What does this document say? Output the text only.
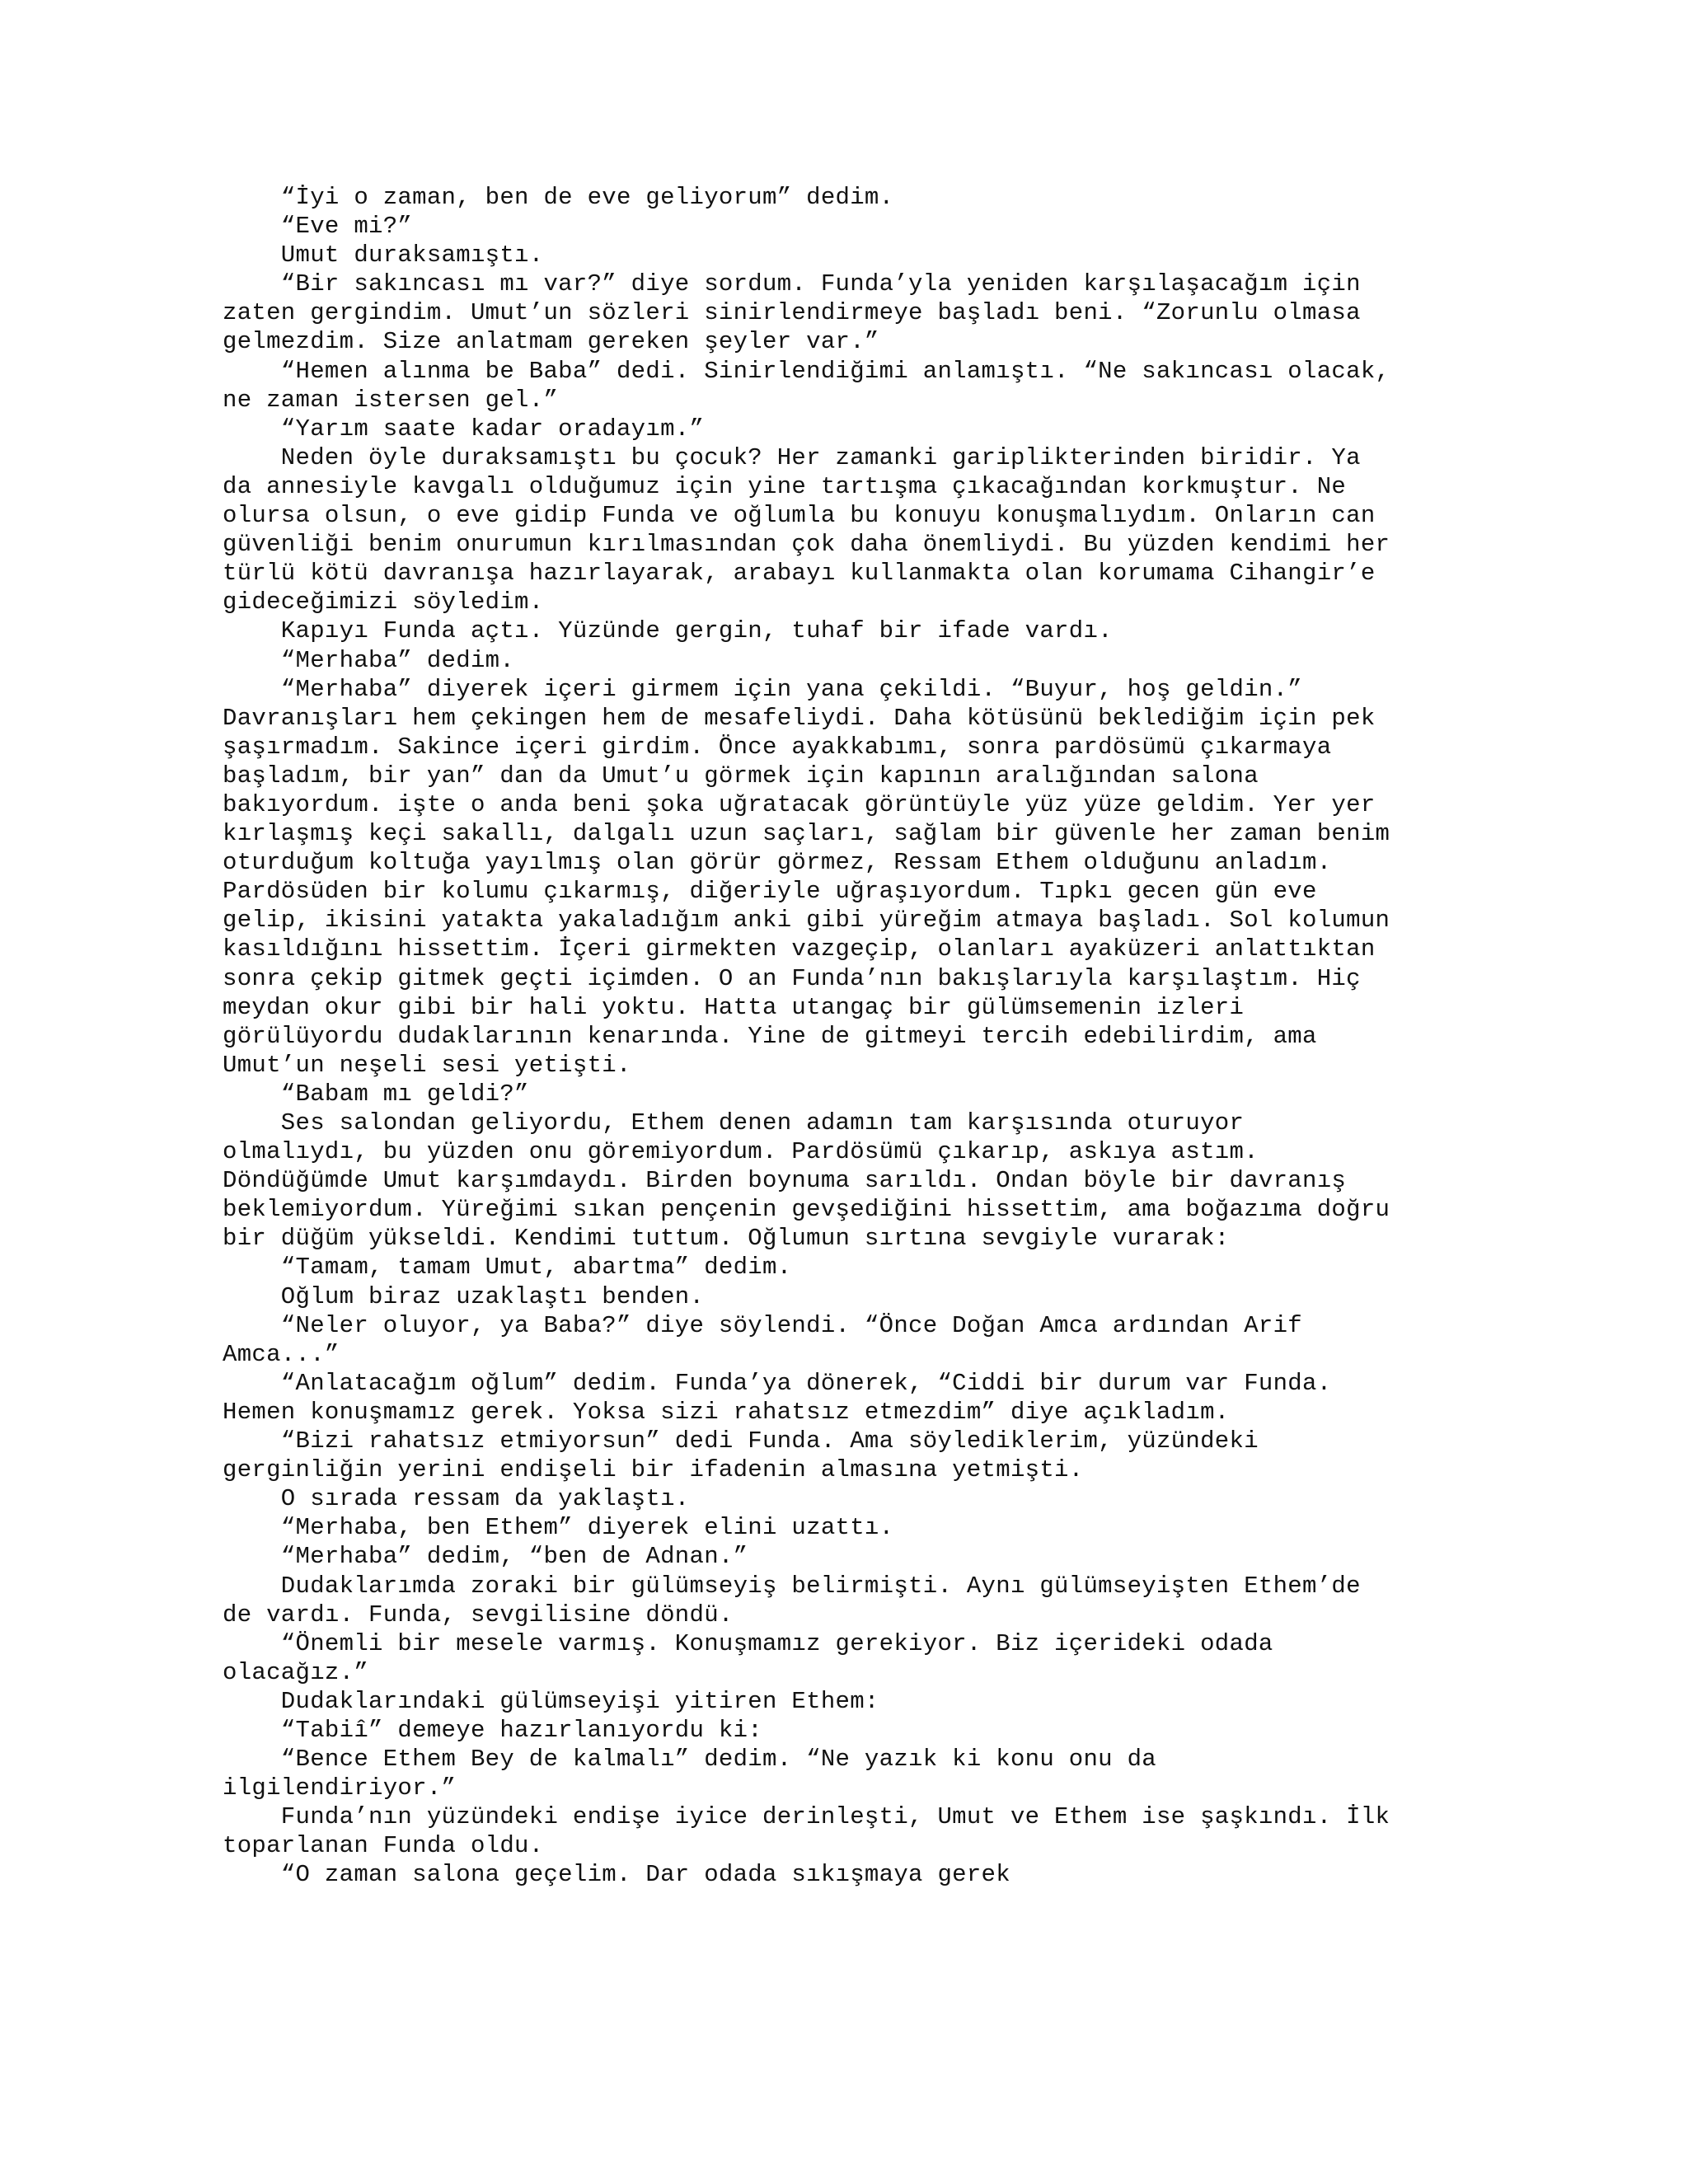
“İyi o zaman, ben de eve geliyorum” dedim.
“Eve mi?”
Umut duraksamıştı.
“Bir sakıncası mı var?” diye sordum. Funda’yla yeniden karşılaşacağım için
zaten gergindim. Umut’un sözleri sinirlendirmeye başladı beni. “Zorunlu olmasa
gelmezdim. Size anlatmam gereken şeyler var.”
“Hemen alınma be Baba” dedi. Sinirlendiğimi anlamıştı. “Ne sakıncası olacak,
ne zaman istersen gel.”
“Yarım saate kadar oradayım.”
Neden öyle duraksamıştı bu çocuk? Her zamanki gariplikterinden biridir. Ya
da annesiyle kavgalı olduğumuz için yine tartışma çıkacağından korkmuştur. Ne
olursa olsun, o eve gidip Funda ve oğlumla bu konuyu konuşmalıydım. Onların can
güvenliği benim onurumun kırılmasından çok daha önemliydi. Bu yüzden kendimi her
türlü kötü davranışa hazırlayarak, arabayı kullanmakta olan korumama Cihangir’e
gideceğimizi söyledim.
Kapıyı Funda açtı. Yüzünde gergin, tuhaf bir ifade vardı.
“Merhaba” dedim.
“Merhaba” diyerek içeri girmem için yana çekildi. “Buyur, hoş geldin.”
Davranışları hem çekingen hem de mesafeliydi. Daha kötüsünü beklediğim için pek
şaşırmadım. Sakince içeri girdim. Önce ayakkabımı, sonra pardösümü çıkarmaya
başladım, bir yan” dan da Umut’u görmek için kapının aralığından salona
bakıyordum. işte o anda beni şoka uğratacak görüntüyle yüz yüze geldim. Yer yer
kırlaşmış keçi sakallı, dalgalı uzun saçları, sağlam bir güvenle her zaman benim
oturduğum koltuğa yayılmış olan görür görmez, Ressam Ethem olduğunu anladım.
Pardösüden bir kolumu çıkarmış, diğeriyle uğraşıyordum. Tıpkı gecen gün eve
gelip, ikisini yatakta yakaladığım anki gibi yüreğim atmaya başladı. Sol kolumun
kasıldığını hissettim. İçeri girmekten vazgeçip, olanları ayaküzeri anlattıktan
sonra çekip gitmek geçti içimden. O an Funda’nın bakışlarıyla karşılaştım. Hiç
meydan okur gibi bir hali yoktu. Hatta utangaç bir gülümsemenin izleri
görülüyordu dudaklarının kenarında. Yine de gitmeyi tercih edebilirdim, ama
Umut’un neşeli sesi yetişti.
“Babam mı geldi?”
Ses salondan geliyordu, Ethem denen adamın tam karşısında oturuyor
olmalıydı, bu yüzden onu göremiyordum. Pardösümü çıkarıp, askıya astım.
Döndüğümde Umut karşımdaydı. Birden boynuma sarıldı. Ondan böyle bir davranış
beklemiyordum. Yüreğimi sıkan pençenin gevşediğini hissettim, ama boğazıma doğru
bir düğüm yükseldi. Kendimi tuttum. Oğlumun sırtına sevgiyle vurarak:
“Tamam, tamam Umut, abartma” dedim.
Oğlum biraz uzaklaştı benden.
“Neler oluyor, ya Baba?” diye söylendi. “Önce Doğan Amca ardından Arif
Amca...”
“Anlatacağım oğlum” dedim. Funda’ya dönerek, “Ciddi bir durum var Funda.
Hemen konuşmamız gerek. Yoksa sizi rahatsız etmezdim” diye açıkladım.
“Bizi rahatsız etmiyorsun” dedi Funda. Ama söylediklerim, yüzündeki
gerginliğin yerini endişeli bir ifadenin almasına yetmişti.
O sırada ressam da yaklaştı.
“Merhaba, ben Ethem” diyerek elini uzattı.
“Merhaba” dedim, “ben de Adnan.”
Dudaklarımda zoraki bir gülümseyiş belirmişti. Aynı gülümseyişten Ethem’de
de vardı. Funda, sevgilisine döndü.
“Önemli bir mesele varmış. Konuşmamız gerekiyor. Biz içerideki odada
olacağız.”
Dudaklarındaki gülümseyişi yitiren Ethem:
“Tabiî” demeye hazırlanıyordu ki:
“Bence Ethem Bey de kalmalı” dedim. “Ne yazık ki konu onu da
ilgilendiriyor.”
Funda’nın yüzündeki endişe iyice derinleşti, Umut ve Ethem ise şaşkındı. İlk
toparlanan Funda oldu.
“O zaman salona geçelim. Dar odada sıkışmaya gerek
